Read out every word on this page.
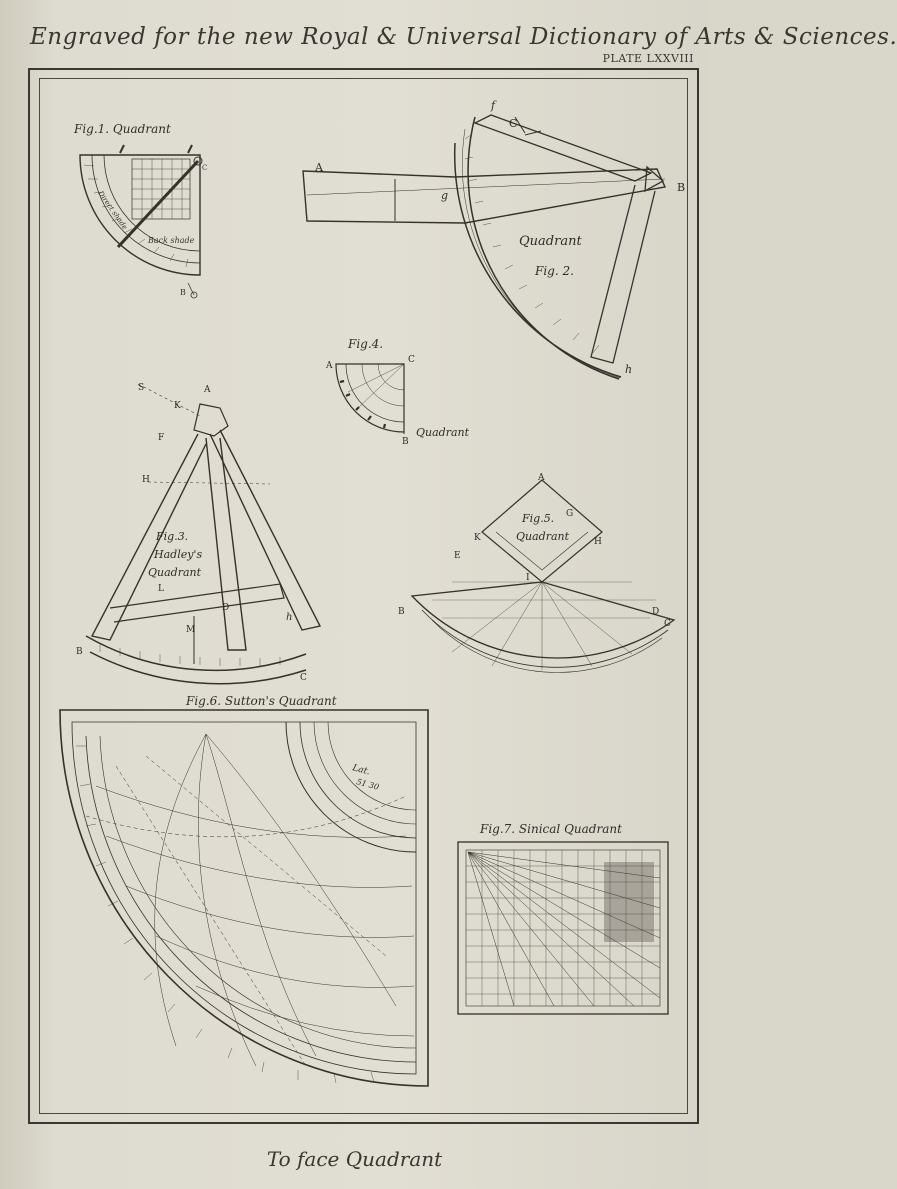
Engraved for the new Royal & Universal Dictionary of Arts & Sciences.
PLATE LXXVIII
Fig.1. Quadrant
Direct shade
Back shade
B
C
Quadrant
Fig. 2.
A
B
C
f
g
h
Fig.4.
A
C
B
Quadrant
S	A
K
F
H
L
M
D
B
C
h
Fig.3.
Hadley's
Quadrant
A
G
H
K
E
I
B	D
C
Fig.5.
Quadrant
Fig.6. Sutton's Quadrant
Lat.
51 30
Fig.7. Sinical Quadrant
To face Quadrant
